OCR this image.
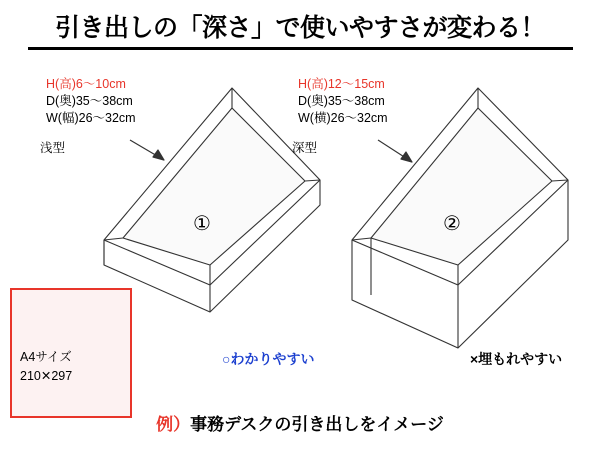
引き出しの「深さ」で使いやすさが変わる！
①	②
H(高)6〜10cm
D(奥)35〜38cm
W(幅)26〜32cm
浅型
H(高)12〜15cm
D(奥)35〜38cm
W(横)26〜32cm
深型
○わかりやすい	×埋もれやすい
A4サイズ
210✕297
例）事務デスクの引き出しをイメージ
